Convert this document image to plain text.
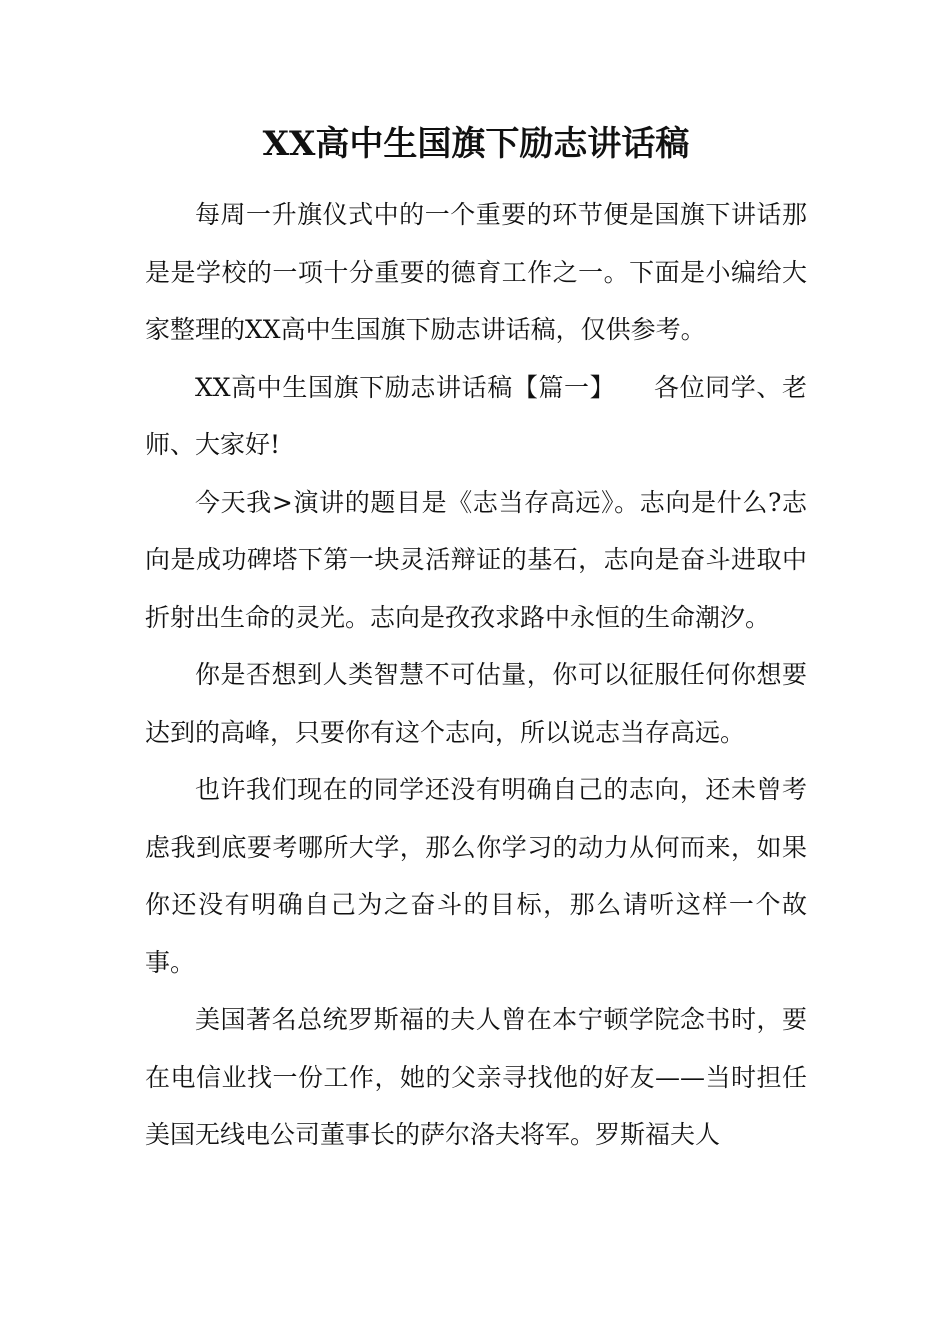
XX高中生国旗下励志讲话稿

每周一升旗仪式中的一个重要的环节便是国旗下讲话那是是学校的一项十分重要的德育工作之一。下面是小编给大家整理的XX高中生国旗下励志讲话稿，仅供参考。

XX高中生国旗下励志讲话稿【篇一】　　各位同学、老师、大家好!

今天我>演讲的题目是《志当存高远》。志向是什么?志向是成功碑塔下第一块灵活辩证的基石，志向是奋斗进取中折射出生命的灵光。志向是孜孜求路中永恒的生命潮汐。

你是否想到人类智慧不可估量，你可以征服任何你想要达到的高峰，只要你有这个志向，所以说志当存高远。

也许我们现在的同学还没有明确自己的志向，还未曾考虑我到底要考哪所大学，那么你学习的动力从何而来，如果你还没有明确自己为之奋斗的目标，那么请听这样一个故事。

美国著名总统罗斯福的夫人曾在本宁顿学院念书时，要在电信业找一份工作，她的父亲寻找他的好友——当时担任美国无线电公司董事长的萨尔洛夫将军。罗斯福夫人
